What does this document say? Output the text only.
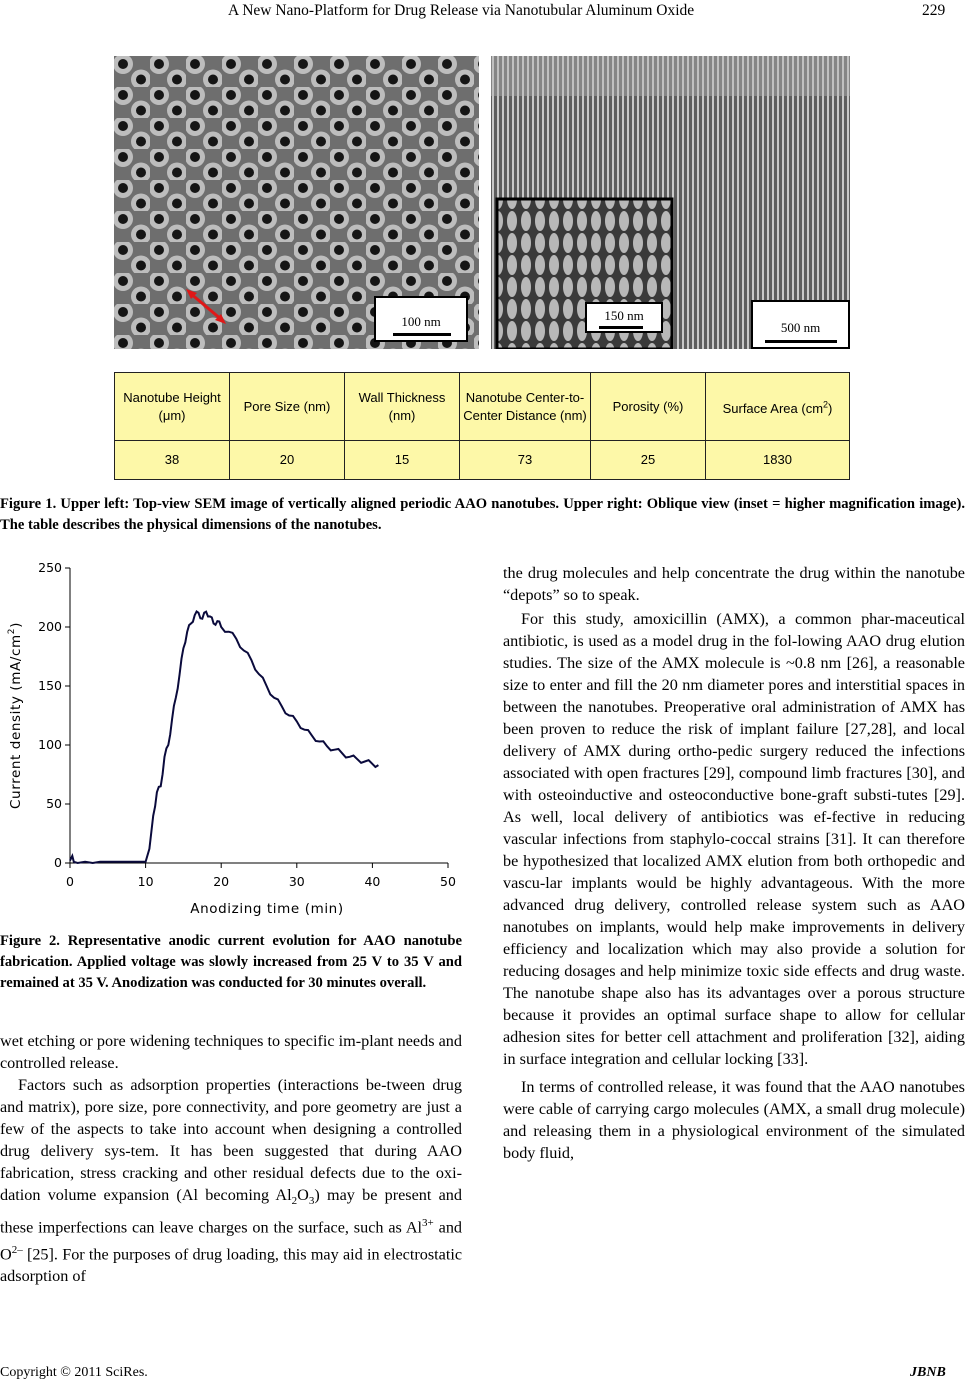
A New Nano-Platform for Drug Release via Nanotubular Aluminum Oxide	229
100 nm	150 nm
500 nm
Nanotube Height (μm)	Pore Size (nm)	Wall Thickness (nm)	Nanotube Center-to-Center Distance (nm)	Porosity (%)	Surface Area $(cm^2)$
38	20	15	73	25	1830
Figure 1. Upper left: Top-view SEM image of vertically aligned periodic AAO nanotubes. Upper right: Oblique view (inset = higher magnification image). The table describes the physical dimensions of the nanotubes.
0	10	20	30	40	50
0
50
100
150
200
250
Anodizing time (min)
Current density $(mA/cm^2)$
Figure 2. Representative anodic current evolution for AAO nanotube fabrication. Applied voltage was slowly increased from 25 V to 35 V and remained at 35 V. Anodization was conducted for 30 minutes overall.

wet etching or pore widening techniques to specific im-plant needs and controlled release.

Factors such as adsorption properties (interactions be-tween drug and matrix), pore size, pore connectivity, and pore geometry are just a few of the aspects to take into account when designing a controlled drug delivery sys-tem. It has been suggested that during AAO fabrication, stress cracking and other residual defects due to the oxi-dation volume expansion (Al becoming $Al_2O_3$) may be present and these imperfections can leave charges on the surface, such as $Al^{3+}$ and $O^{2-}$ [25]. For the purposes of drug loading, this may aid in electrostatic adsorption of

the drug molecules and help concentrate the drug within the nanotube “depots” so to speak.

For this study, amoxicillin (AMX), a common phar-maceutical antibiotic, is used as a model drug in the fol-lowing AAO drug elution studies. The size of the AMX molecule is ~0.8 nm [26], a reasonable size to enter and fill the 20 nm diameter pores and interstitial spaces in between the nanotubes. Preoperative oral administration of AMX has been proven to reduce the risk of implant failure [27,28], and local delivery of AMX during ortho-pedic surgery reduced the infections associated with open fractures [29], compound limb fractures [30], and with osteoinductive and osteoconductive bone-graft substi-tutes [29]. As well, local delivery of antibiotics was ef-fective in reducing vascular infections from staphylo-coccal strains [31]. It can therefore be hypothesized that localized AMX elution from both orthopedic and vascu-lar implants would be highly advantageous. With the more advanced drug delivery, controlled release system such as AAO nanotubes on implants, would help make improvements in delivery efficiency and localization which may also provide a solution for reducing dosages and help minimize toxic side effects and drug waste. The nanotube shape also has its advantages over a porous structure because it provides an optimal surface shape to allow for cellular adhesion sites for better cell attachment and proliferation [32], aiding in surface integration and cellular locking [33].

In terms of controlled release, it was found that the AAO nanotubes were cable of carrying cargo molecules (AMX, a small drug molecule) and releasing them in a physiological environment of the simulated body fluid,

Copyright © 2011 SciRes.	JBNB
